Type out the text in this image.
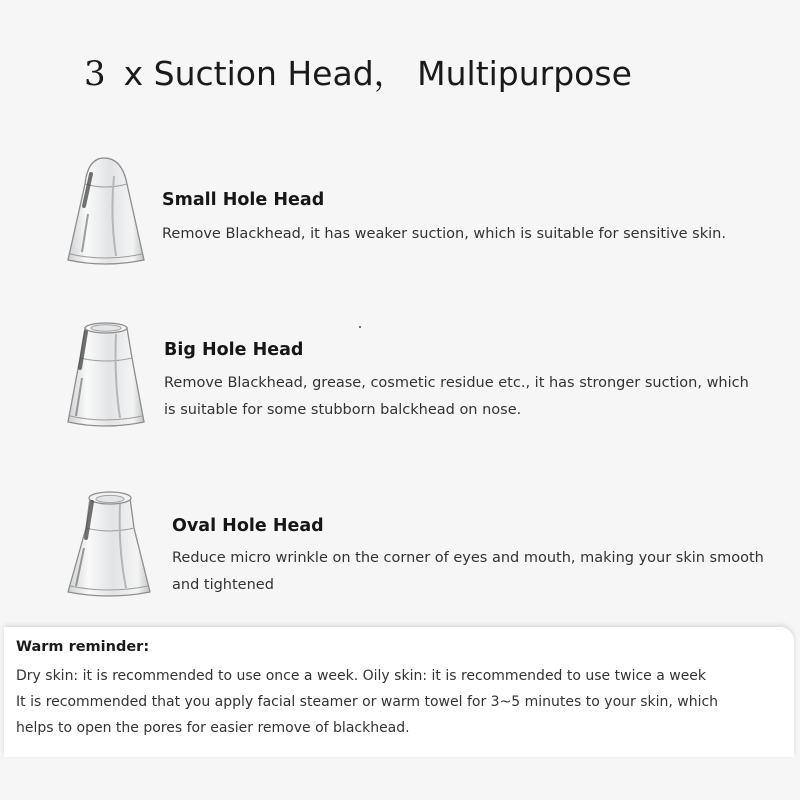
3 x Suction Head， Multipurpose
Small Hole Head
Remove Blackhead, it has weaker suction, which is suitable for sensitive skin.
Big Hole Head
Remove Blackhead, grease, cosmetic residue etc., it has stronger suction, which is suitable for some stubborn balckhead on nose.
Oval Hole Head
Reduce micro wrinkle on the corner of eyes and mouth, making your skin smooth and tightened
Warm reminder:
Dry skin: it is recommended to use once a week. Oily skin: it is recommended to use twice a week
It is recommended that you apply facial steamer or warm towel for 3~5 minutes to your skin, which
helps to open the pores for easier remove of blackhead.
